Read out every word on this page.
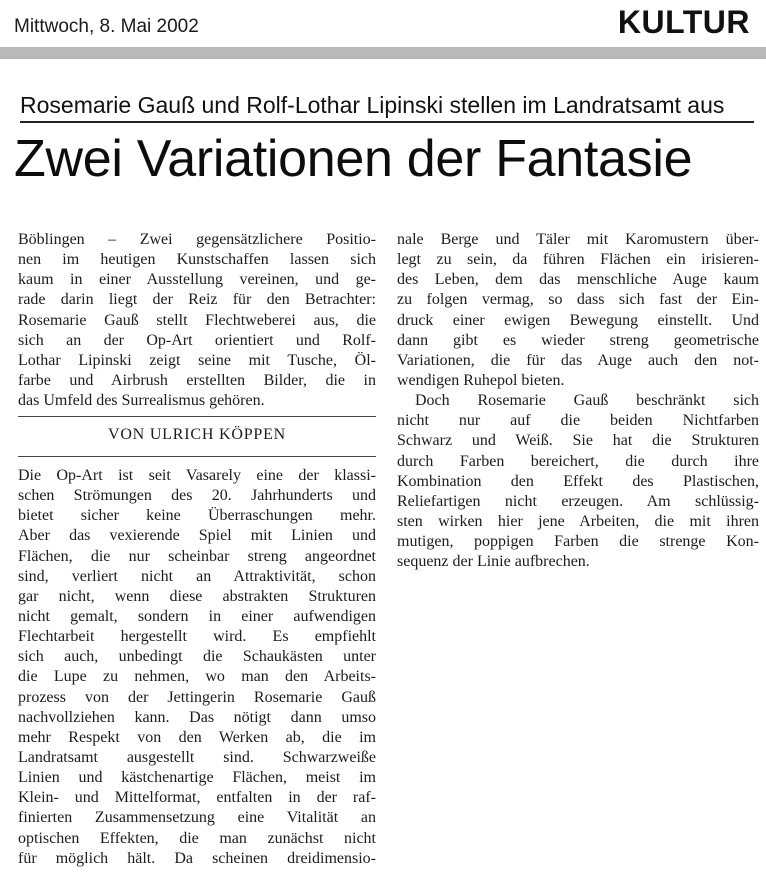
Mittwoch, 8. Mai 2002	KULTUR
Rosemarie Gauß und Rolf-Lothar Lipinski stellen im Landratsamt aus
Zwei Variationen der Fantasie
Böblingen – Zwei gegensätzlichere Positio-
nen im heutigen Kunstschaffen lassen sich
kaum in einer Ausstellung vereinen, und ge-
rade darin liegt der Reiz für den Betrachter:
Rosemarie Gauß stellt Flechtweberei aus, die
sich an der Op-Art orientiert und Rolf-
Lothar Lipinski zeigt seine mit Tusche, Öl-
farbe und Airbrush erstellten Bilder, die in
das Umfeld des Surrealismus gehören.
VON ULRICH KÖPPEN
Die Op-Art ist seit Vasarely eine der klassi-
schen Strömungen des 20. Jahrhunderts und
bietet sicher keine Überraschungen mehr.
Aber das vexierende Spiel mit Linien und
Flächen, die nur scheinbar streng angeordnet
sind, verliert nicht an Attraktivität, schon
gar nicht, wenn diese abstrakten Strukturen
nicht gemalt, sondern in einer aufwendigen
Flechtarbeit hergestellt wird. Es empfiehlt
sich auch, unbedingt die Schaukästen unter
die Lupe zu nehmen, wo man den Arbeits-
prozess von der Jettingerin Rosemarie Gauß
nachvollziehen kann. Das nötigt dann umso
mehr Respekt von den Werken ab, die im
Landratsamt ausgestellt sind. Schwarzweiße
Linien und kästchenartige Flächen, meist im
Klein- und Mittelformat, entfalten in der raf-
finierten Zusammensetzung eine Vitalität an
optischen Effekten, die man zunächst nicht
für möglich hält. Da scheinen dreidimensio-
nale Berge und Täler mit Karomustern über-
legt zu sein, da führen Flächen ein irisieren-
des Leben, dem das menschliche Auge kaum
zu folgen vermag, so dass sich fast der Ein-
druck einer ewigen Bewegung einstellt. Und
dann gibt es wieder streng geometrische
Variationen, die für das Auge auch den not-
wendigen Ruhepol bieten.
Doch Rosemarie Gauß beschränkt sich
nicht nur auf die beiden Nichtfarben
Schwarz und Weiß. Sie hat die Strukturen
durch Farben bereichert, die durch ihre
Kombination den Effekt des Plastischen,
Reliefartigen nicht erzeugen. Am schlüssig-
sten wirken hier jene Arbeiten, die mit ihren
mutigen, poppigen Farben die strenge Kon-
sequenz der Linie aufbrechen.
